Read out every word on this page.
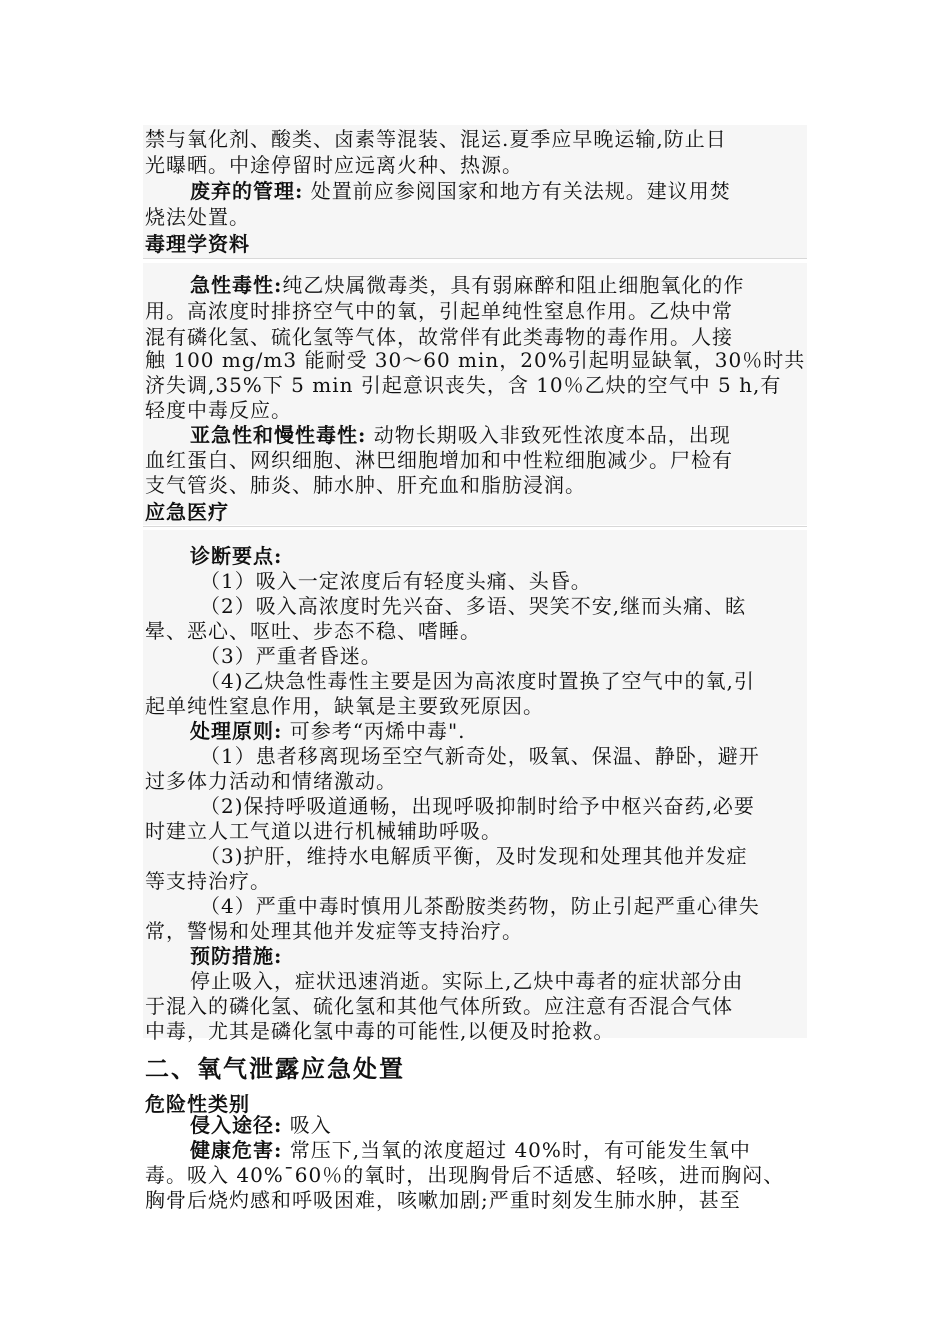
禁与氧化剂、酸类、卤素等混装、混运.夏季应早晚运输,防止日
光曝晒。中途停留时应远离火种、热源。
废弃的管理: 处置前应参阅国家和地方有关法规。建议用焚
烧法处置。
毒理学资料
急性毒性:纯乙炔属微毒类，具有弱麻醉和阻止细胞氧化的作
用。高浓度时排挤空气中的氧，引起单纯性窒息作用。乙炔中常
混有磷化氢、硫化氢等气体，故常伴有此类毒物的毒作用。人接
触 100 mg/m3 能耐受 30～60 min，20%引起明显缺氧，30％时共
济失调,35%下 5 min 引起意识丧失，含 10％乙炔的空气中 5 h,有
轻度中毒反应。
亚急性和慢性毒性: 动物长期吸入非致死性浓度本品，出现
血红蛋白、网织细胞、淋巴细胞增加和中性粒细胞减少。尸检有
支气管炎、肺炎、肺水肿、肝充血和脂肪浸润。
应急医疗
诊断要点:
（1）吸入一定浓度后有轻度头痛、头昏。
（2）吸入高浓度时先兴奋、多语、哭笑不安,继而头痛、眩
晕、恶心、呕吐、步态不稳、嗜睡。
（3）严重者昏迷。
（4)乙炔急性毒性主要是因为高浓度时置换了空气中的氧,引
起单纯性窒息作用，缺氧是主要致死原因。
处理原则: 可参考“丙烯中毒".
（1）患者移离现场至空气新奇处，吸氧、保温、静卧，避开
过多体力活动和情绪激动。
（2)保持呼吸道通畅，出现呼吸抑制时给予中枢兴奋药,必要
时建立人工气道以进行机械辅助呼吸。
（3)护肝，维持水电解质平衡，及时发现和处理其他并发症
等支持治疗。
（4）严重中毒时慎用儿茶酚胺类药物，防止引起严重心律失
常，警惕和处理其他并发症等支持治疗。
预防措施:
停止吸入，症状迅速消逝。实际上,乙炔中毒者的症状部分由
于混入的磷化氢、硫化氢和其他气体所致。应注意有否混合气体
中毒，尤其是磷化氢中毒的可能性,以便及时抢救。
二、氧气泄露应急处置
危险性类别
侵入途径: 吸入
健康危害: 常压下,当氧的浓度超过 40%时，有可能发生氧中
毒。吸入 40%¯60％的氧时，出现胸骨后不适感、轻咳，进而胸闷、
胸骨后烧灼感和呼吸困难，咳嗽加剧;严重时刻发生肺水肿，甚至
